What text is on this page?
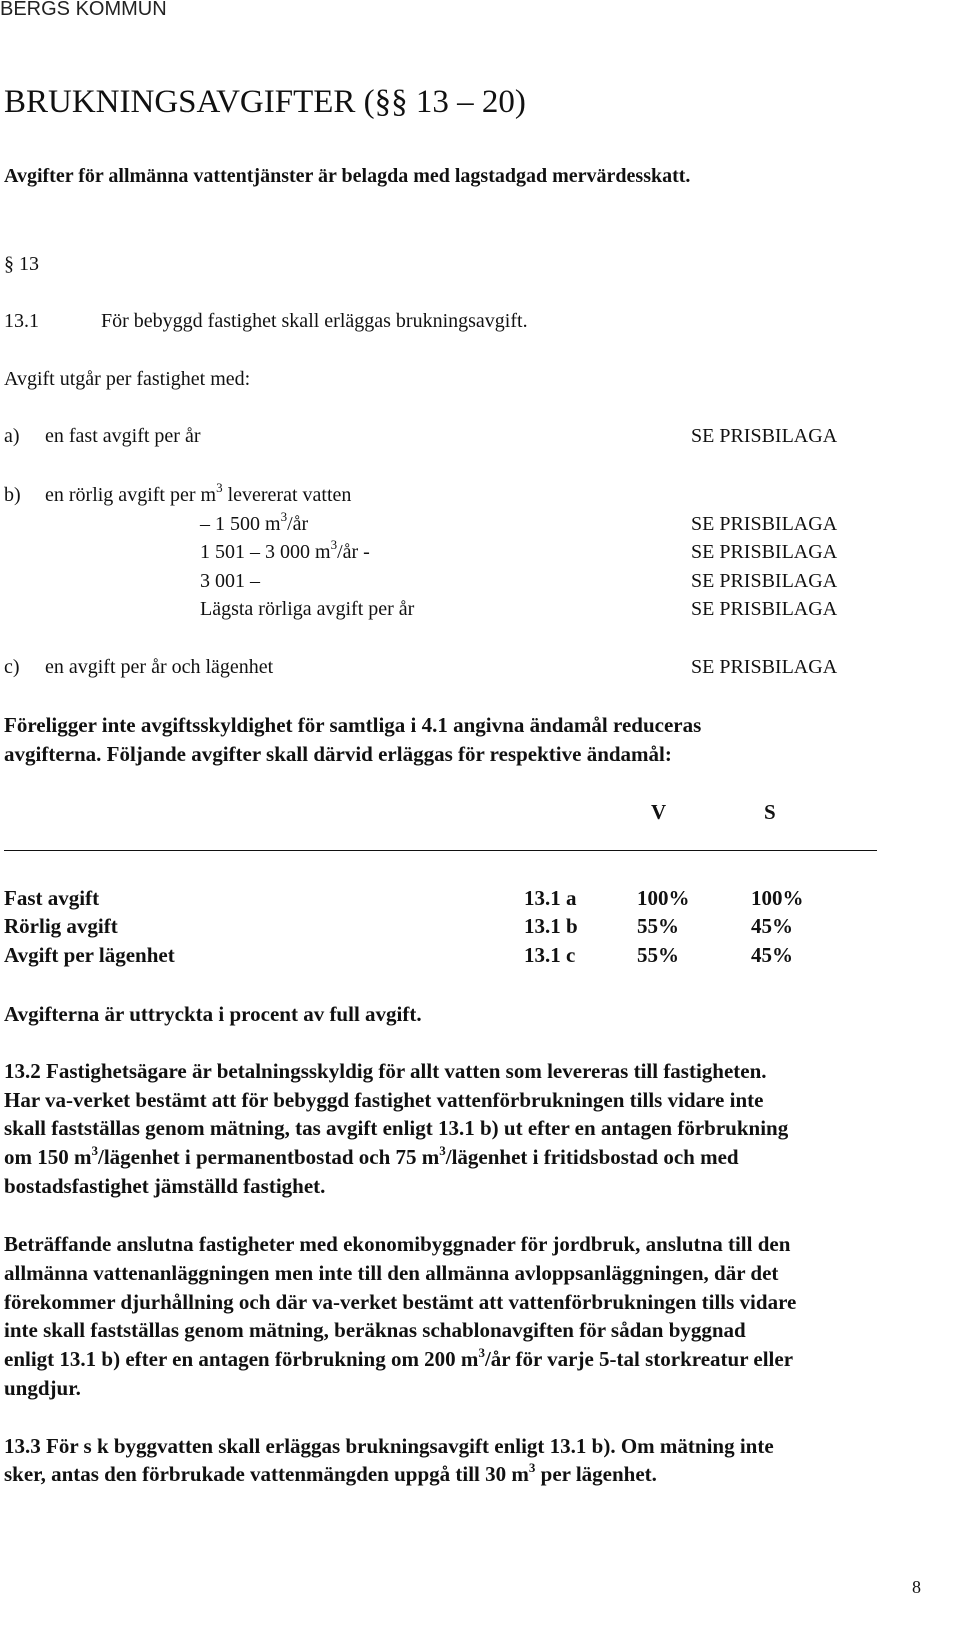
BERGS KOMMUN
BRUKNINGSAVGIFTER (§§ 13 – 20)
Avgifter för allmänna vattentjänster är belagda med lagstadgad mervärdesskatt.
§ 13
13.1	För bebyggd fastighet skall erläggas brukningsavgift.
Avgift utgår per fastighet med:
a) en fast avgift per år	SE PRISBILAGA
b) en rörlig avgift per $m^3$ levererat vatten
– 1 500 $m^3/år$	SE PRISBILAGA
1 501 – 3 000 $m^3/år$ -	SE PRISBILAGA
3 001 –	SE PRISBILAGA
Lägsta rörliga avgift per år	SE PRISBILAGA
c) en avgift per år och lägenhet	SE PRISBILAGA
Föreligger inte avgiftsskyldighet för samtliga i 4.1 angivna ändamål reduceras
avgifterna. Följande avgifter skall därvid erläggas för respektive ändamål:
V	S
Fast avgift	13.1 a	100%	100%
Rörlig avgift	13.1 b	55%	45%
Avgift per lägenhet	13.1 c	55%	45%
Avgifterna är uttryckta i procent av full avgift.
13.2 Fastighetsägare är betalningsskyldig för allt vatten som levereras till fastigheten.
Har va-verket bestämt att för bebyggd fastighet vattenförbrukningen tills vidare inte
skall fastställas genom mätning, tas avgift enligt 13.1 b) ut efter en antagen förbrukning
om 150 $m^3$/lägenhet i permanentbostad och 75 $m^3$/lägenhet i fritidsbostad och med
bostadsfastighet jämställd fastighet.
Beträffande anslutna fastigheter med ekonomibyggnader för jordbruk, anslutna till den
allmänna vattenanläggningen men inte till den allmänna avloppsanläggningen, där det
förekommer djurhållning och där va-verket bestämt att vattenförbrukningen tills vidare
inte skall fastställas genom mätning, beräknas schablonavgiften för sådan byggnad
enligt 13.1 b) efter en antagen förbrukning om 200 $m^3/år$ för varje 5-tal storkreatur eller
ungdjur.
13.3 För s k byggvatten skall erläggas brukningsavgift enligt 13.1 b). Om mätning inte
sker, antas den förbrukade vattenmängden uppgå till 30 $m^3$ per lägenhet.
8
